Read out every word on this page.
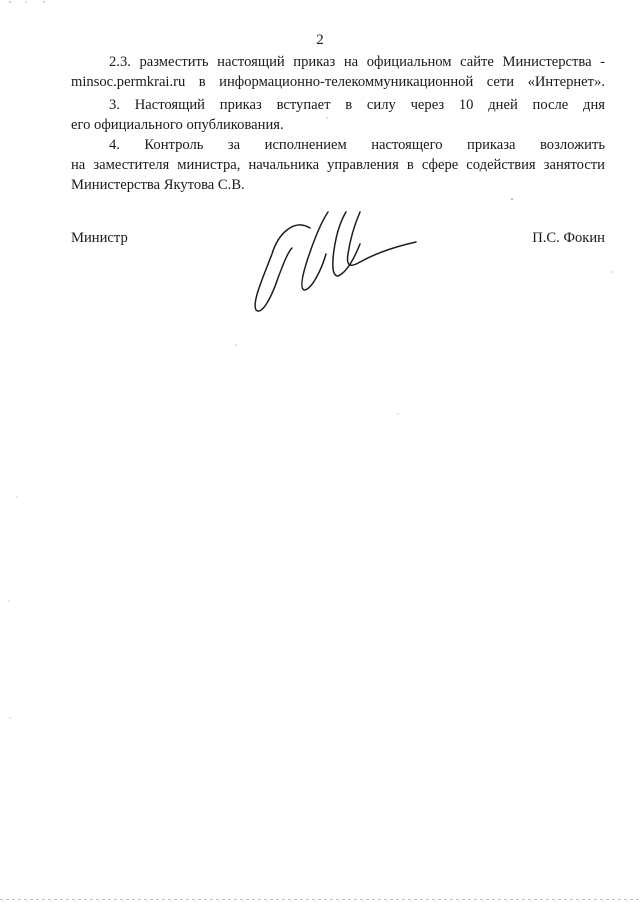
2

2.3. разместить настоящий приказ на официальном сайте Министерства -

minsoc.permkrai.ru в информационно-телекоммуникационной сети «Интернет».

3. Настоящий приказ вступает в силу через 10 дней после дня

его официального опубликования.

4. Контроль за исполнением настоящего приказа возложить

на заместителя министра, начальника управления в сфере содействия занятости

Министерства Якутова С.В.

Министр	П.С. Фокин
